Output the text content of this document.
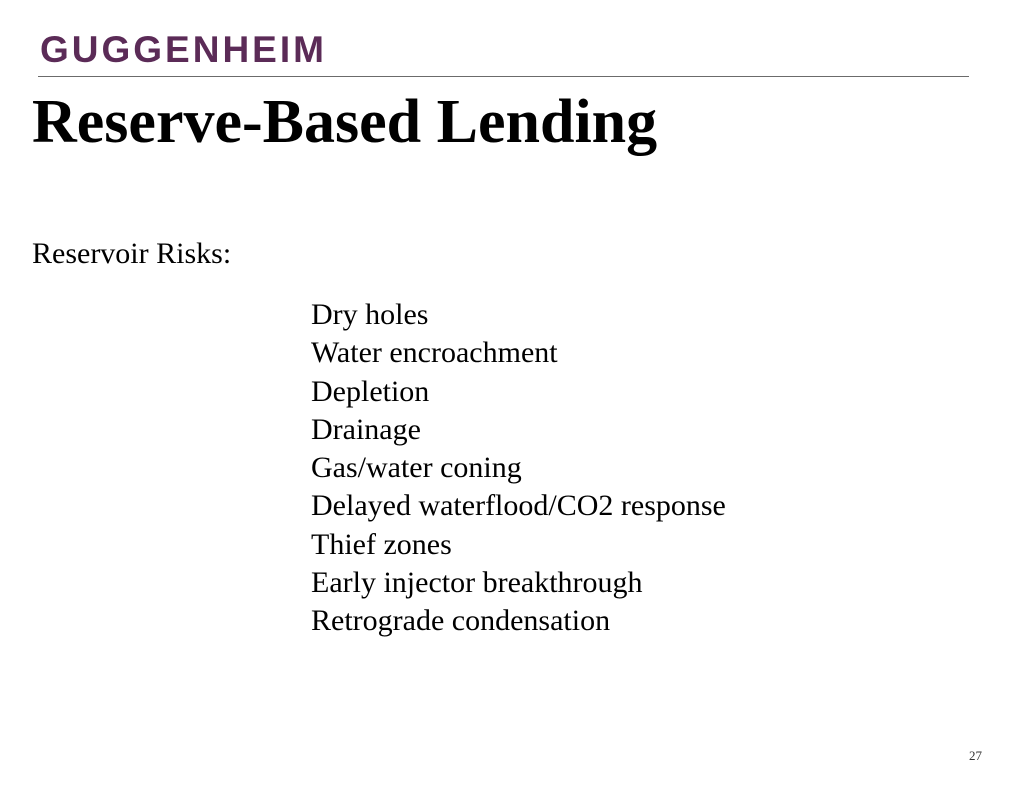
GUGGENHEIM
Reserve-Based Lending
Reservoir Risks:
Dry holes
Water encroachment
Depletion
Drainage
Gas/water coning
Delayed waterflood/CO2 response
Thief zones
Early injector breakthrough
Retrograde condensation
27
